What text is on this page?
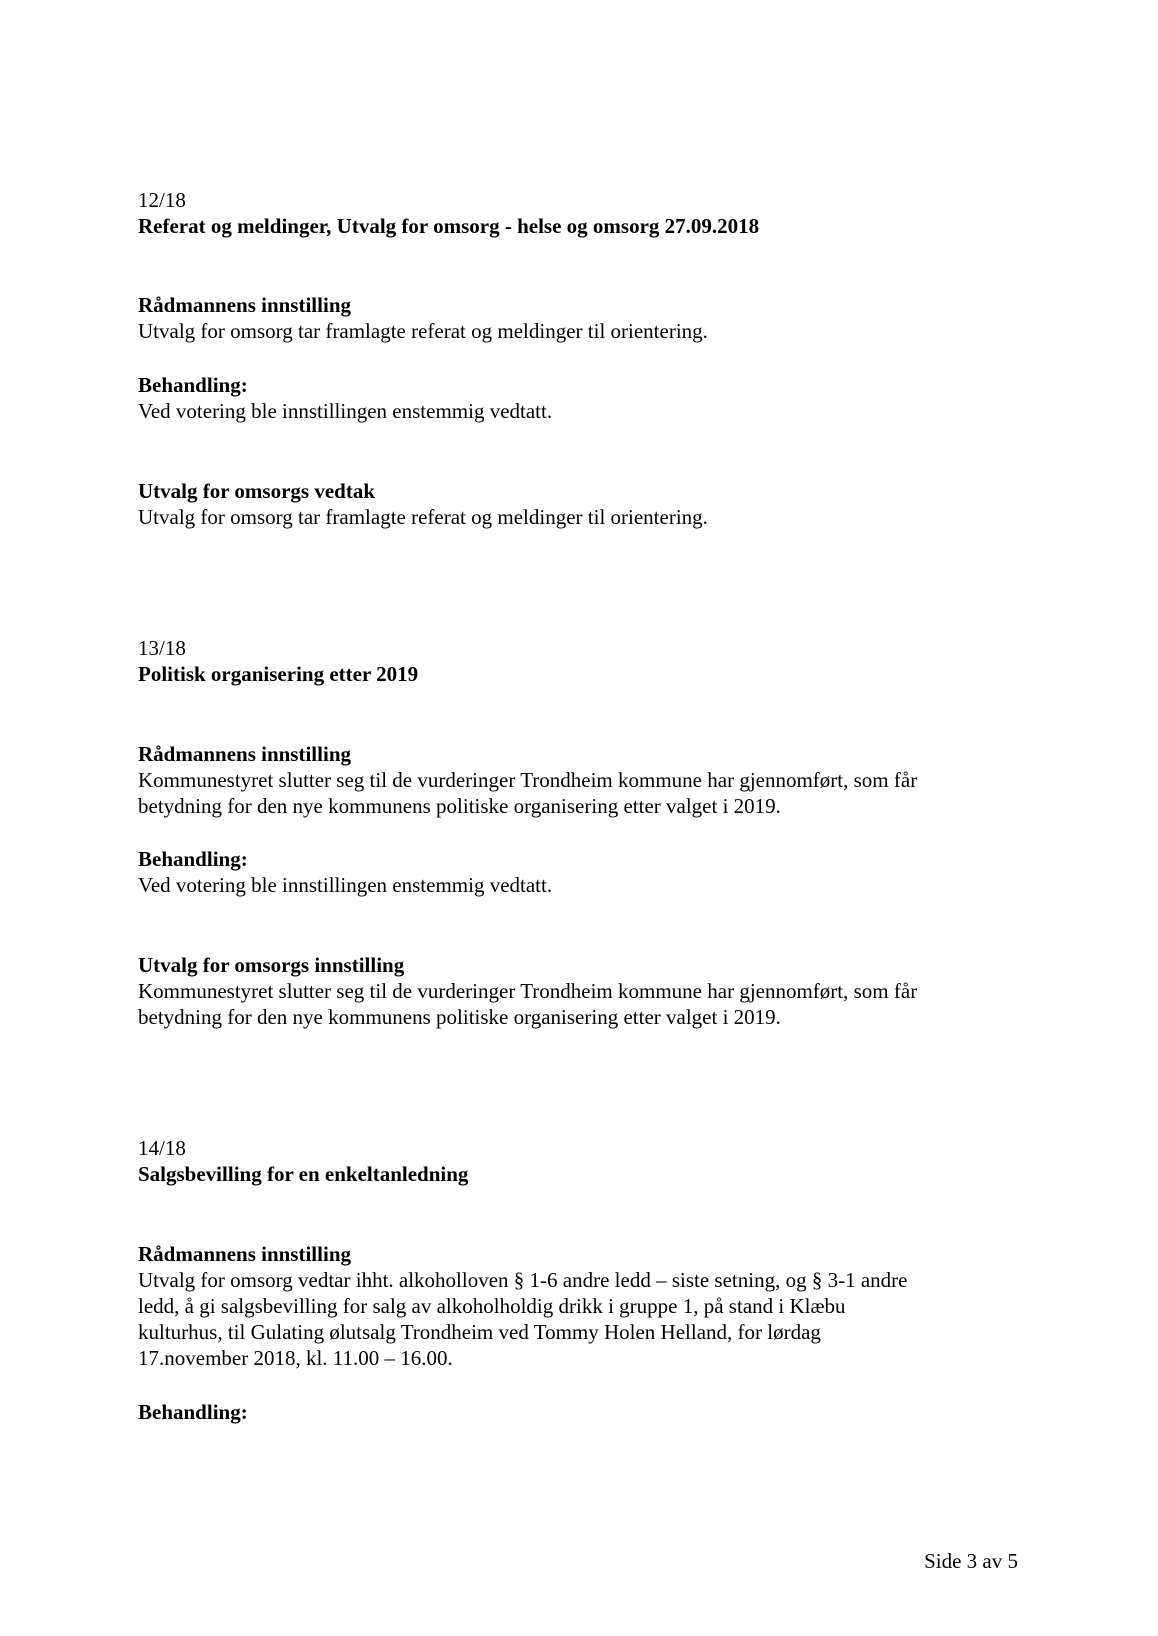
12/18

Referat og meldinger, Utvalg for omsorg - helse og omsorg 27.09.2018

Rådmannens innstilling

Utvalg for omsorg tar framlagte referat og meldinger til orientering.

Behandling:

Ved votering ble innstillingen enstemmig vedtatt.

Utvalg for omsorgs vedtak

Utvalg for omsorg tar framlagte referat og meldinger til orientering.

13/18

Politisk organisering etter 2019

Rådmannens innstilling

Kommunestyret slutter seg til de vurderinger Trondheim kommune har gjennomført, som får

betydning for den nye kommunens politiske organisering etter valget i 2019.

Behandling:

Ved votering ble innstillingen enstemmig vedtatt.

Utvalg for omsorgs innstilling

Kommunestyret slutter seg til de vurderinger Trondheim kommune har gjennomført, som får

betydning for den nye kommunens politiske organisering etter valget i 2019.

14/18

Salgsbevilling for en enkeltanledning

Rådmannens innstilling

Utvalg for omsorg vedtar ihht. alkoholloven § 1-6 andre ledd – siste setning, og § 3-1 andre

ledd, å gi salgsbevilling for salg av alkoholholdig drikk i gruppe 1, på stand i Klæbu

kulturhus, til Gulating ølutsalg Trondheim ved Tommy Holen Helland, for lørdag

17.november 2018, kl. 11.00 – 16.00.

Behandling:

Side 3 av 5
